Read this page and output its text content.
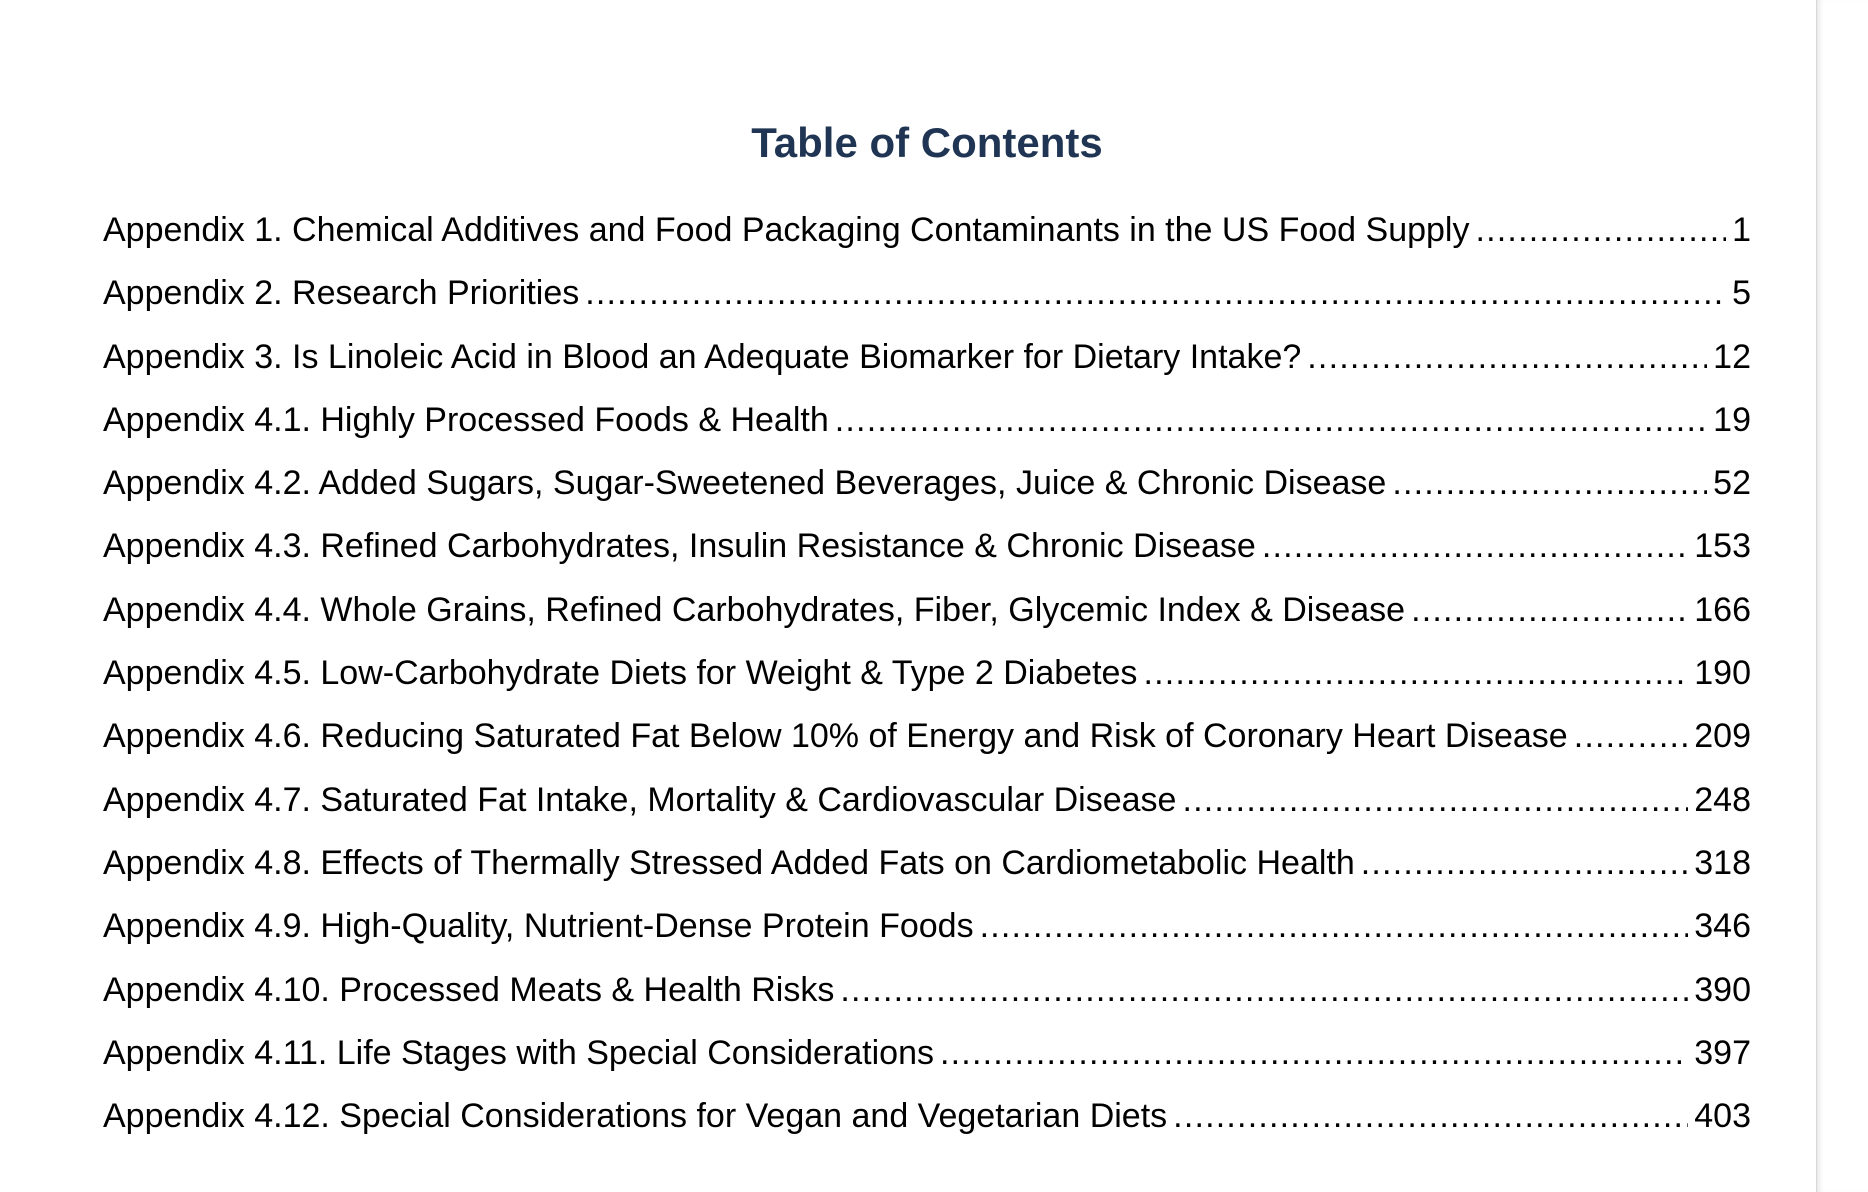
Table of Contents
Appendix 1. Chemical Additives and Food Packaging Contaminants in the US Food Supply .....	1
Appendix 2. Research Priorities .....	5
Appendix 3. Is Linoleic Acid in Blood an Adequate Biomarker for Dietary Intake? .....	12
Appendix 4.1. Highly Processed Foods & Health .....	19
Appendix 4.2. Added Sugars, Sugar-Sweetened Beverages, Juice & Chronic Disease .....	52
Appendix 4.3. Refined Carbohydrates, Insulin Resistance & Chronic Disease .....	153
Appendix 4.4. Whole Grains, Refined Carbohydrates, Fiber, Glycemic Index & Disease .....	166
Appendix 4.5. Low-Carbohydrate Diets for Weight & Type 2 Diabetes .....	190
Appendix 4.6. Reducing Saturated Fat Below 10% of Energy and Risk of Coronary Heart Disease .....	209
Appendix 4.7. Saturated Fat Intake, Mortality & Cardiovascular Disease .....	248
Appendix 4.8. Effects of Thermally Stressed Added Fats on Cardiometabolic Health .....	318
Appendix 4.9. High-Quality, Nutrient-Dense Protein Foods .....	346
Appendix 4.10. Processed Meats & Health Risks .....	390
Appendix 4.11. Life Stages with Special Considerations .....	397
Appendix 4.12. Special Considerations for Vegan and Vegetarian Diets .....	403
